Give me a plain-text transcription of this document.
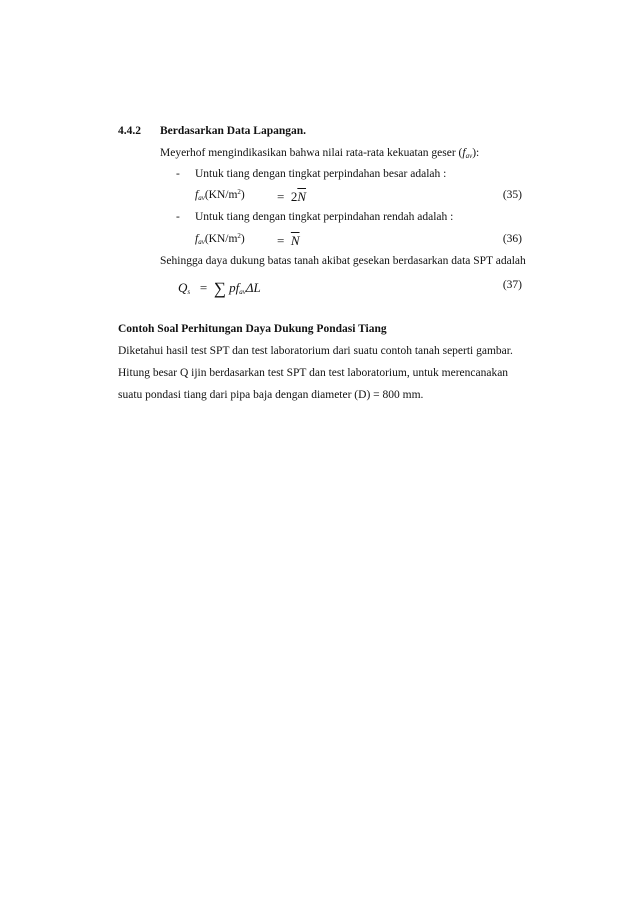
4.4.2 Berdasarkan Data Lapangan.
Meyerhof mengindikasikan bahwa nilai rata-rata kekuatan geser $(f_{av})$:
- Untuk tiang dengan tingkat perpindahan besar adalah :
$f_{av}(KN/m^2) = 2\overline{N}$	(35)
- Untuk tiang dengan tingkat perpindahan rendah adalah :
$f_{av}(KN/m^2) = \overline{N}$	(36)
Sehingga daya dukung batas tanah akibat gesekan berdasarkan data SPT adalah
$Q_s$ = ∑ $pf_{av}\Delta L$	(37)
Contoh Soal Perhitungan Daya Dukung Pondasi Tiang
Diketahui hasil test SPT dan test laboratorium dari suatu contoh tanah seperti gambar.
Hitung besar Q ijin berdasarkan test SPT dan test laboratorium, untuk merencanakan
suatu pondasi tiang dari pipa baja dengan diameter (D) = 800 mm.
